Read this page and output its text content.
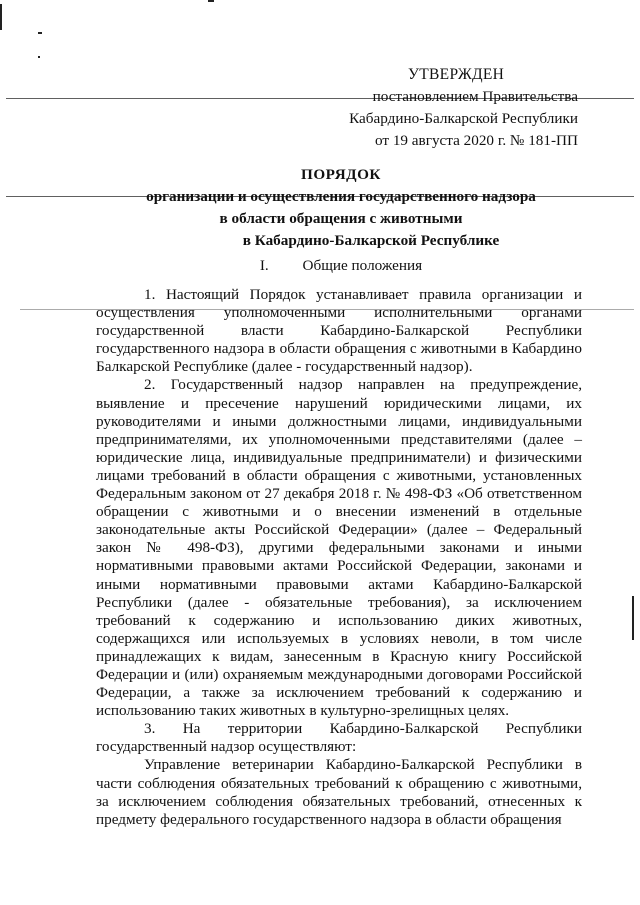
УТВЕРЖДЕН
постановлением Правительства
Кабардино-Балкарской Республики
от 19 августа 2020 г. № 181-ПП
ПОРЯДОК
организации и осуществления государственного надзора
в области обращения с животными
в Кабардино-Балкарской Республике
I. Общие положения

1. Настоящий Порядок устанавливает правила организации и осуществления уполномоченными исполнительными органами государственной власти Кабардино-Балкарской Республики государственного надзора в области обращения с животными в Кабардино Балкарской Республике (далее - государственный надзор).

2. Государственный надзор направлен на предупреждение, выявление и пресечение нарушений юридическими лицами, их руководителями и иными должностными лицами, индивидуальными предпринимателями, их уполномоченными представителями (далее – юридические лица, индивидуальные предприниматели) и физическими лицами требований в области обращения с животными, установленных Федеральным законом от 27 декабря 2018 г. № 498-ФЗ «Об ответственном обращении с животными и о внесении изменений в отдельные законодательные акты Российской Федерации» (далее – Федеральный закон № 498-ФЗ), другими федеральными законами и иными нормативными правовыми актами Российской Федерации, законами и иными нормативными правовыми актами Кабардино-Балкарской Республики (далее - обязательные требования), за исключением требований к содержанию и использованию диких животных, содержащихся или используемых в условиях неволи, в том числе принадлежащих к видам, занесенным в Красную книгу Российской Федерации и (или) охраняемым международными договорами Российской Федерации, а также за исключением требований к содержанию и использованию таких животных в культурно-зрелищных целях.

3. На территории Кабардино-Балкарской Республики государственный надзор осуществляют:

Управление ветеринарии Кабардино-Балкарской Республики в части соблюдения обязательных требований к обращению с животными, за исключением соблюдения обязательных требований, отнесенных к предмету федерального государственного надзора в области обращения
